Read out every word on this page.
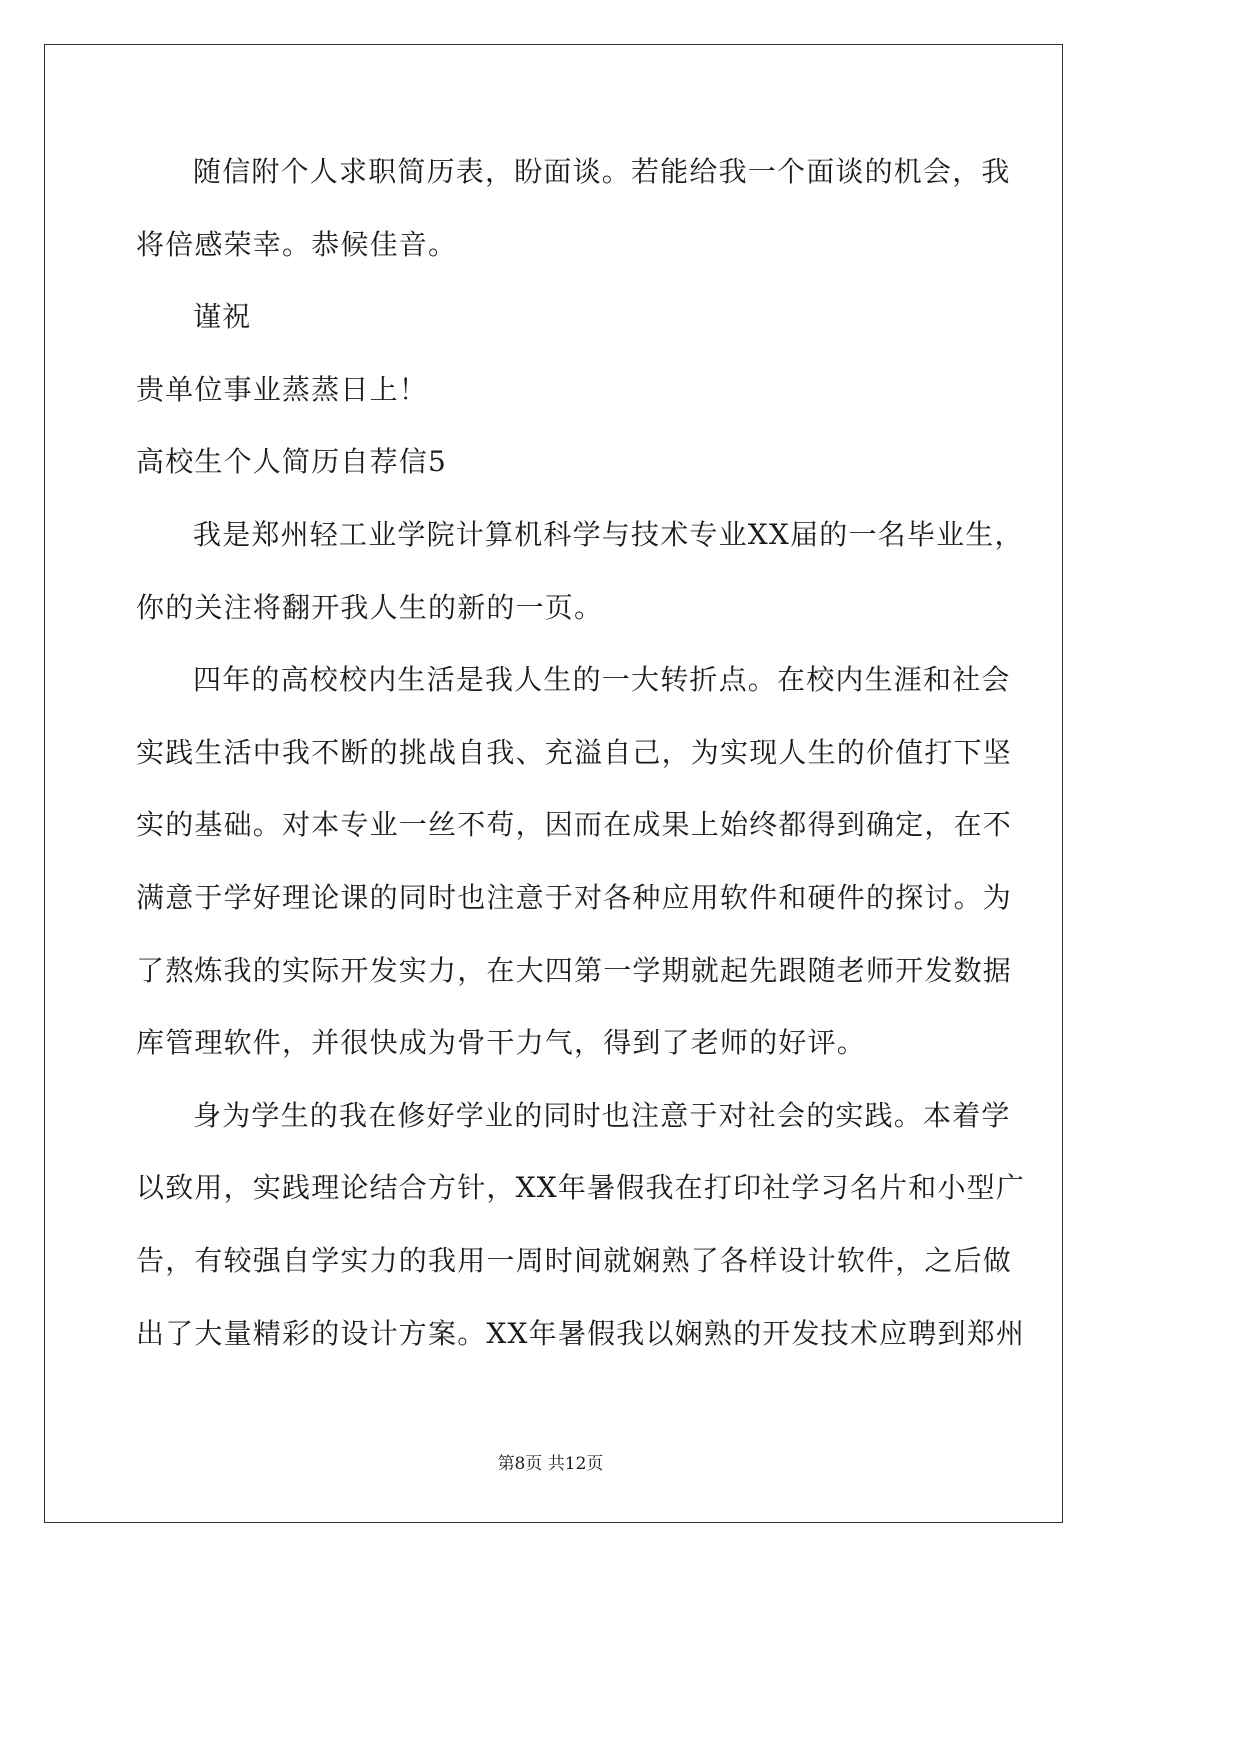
随信附个人求职简历表，盼面谈。若能给我一个面谈的机会，我
将倍感荣幸。恭候佳音。
谨祝
贵单位事业蒸蒸日上！
高校生个人简历自荐信5
我是郑州轻工业学院计算机科学与技术专业XX届的一名毕业生，
你的关注将翻开我人生的新的一页。
四年的高校校内生活是我人生的一大转折点。在校内生涯和社会
实践生活中我不断的挑战自我、充溢自己，为实现人生的价值打下坚
实的基础。对本专业一丝不苟，因而在成果上始终都得到确定，在不
满意于学好理论课的同时也注意于对各种应用软件和硬件的探讨。为
了熬炼我的实际开发实力，在大四第一学期就起先跟随老师开发数据
库管理软件，并很快成为骨干力气，得到了老师的好评。
身为学生的我在修好学业的同时也注意于对社会的实践。本着学
以致用，实践理论结合方针，XX年暑假我在打印社学习名片和小型广
告，有较强自学实力的我用一周时间就娴熟了各样设计软件，之后做
出了大量精彩的设计方案。XX年暑假我以娴熟的开发技术应聘到郑州
第8页 共12页
